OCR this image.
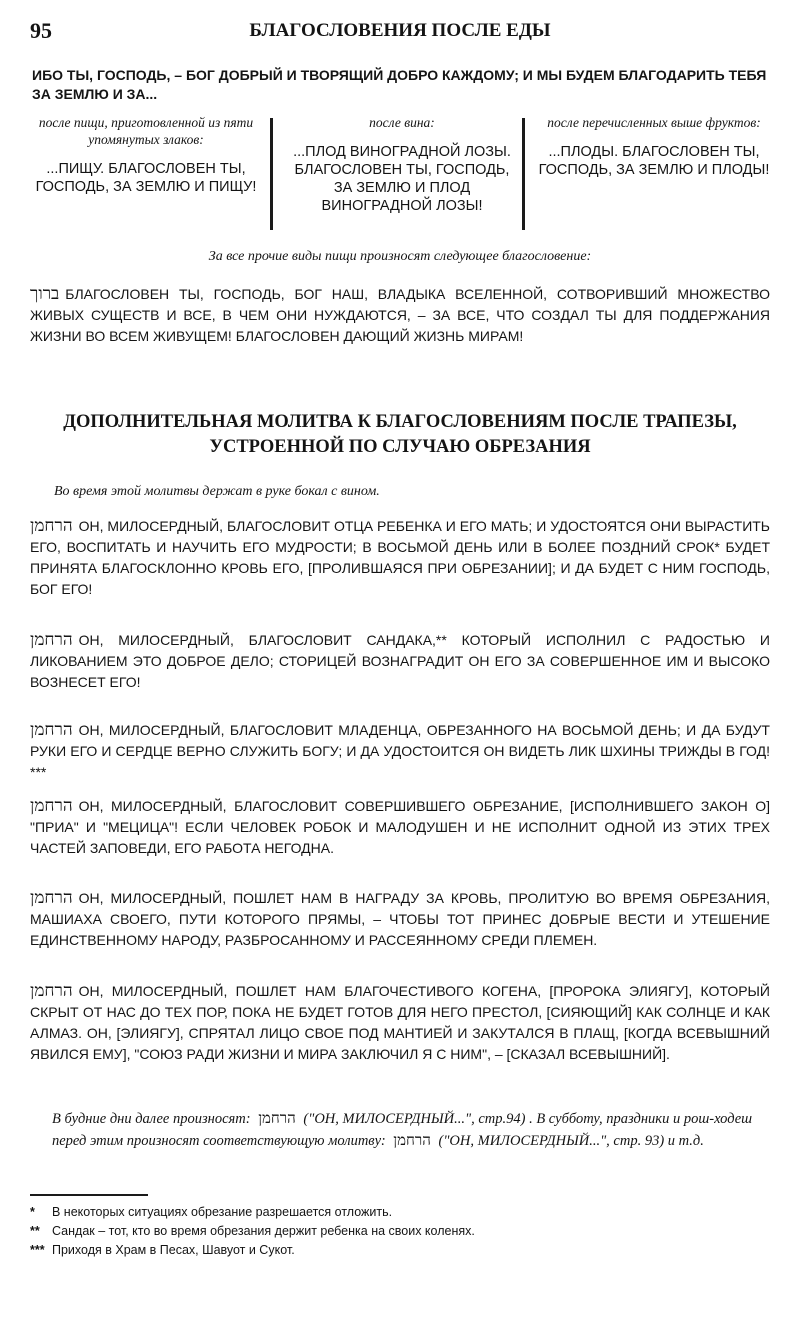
95	БЛАГОСЛОВЕНИЯ ПОСЛЕ ЕДЫ
ИБО ТЫ, ГОСПОДЬ, – БОГ ДОБРЫЙ И ТВОРЯЩИЙ ДОБРО КАЖДОМУ; И МЫ БУДЕМ БЛАГОДАРИТЬ ТЕБЯ ЗА ЗЕМЛЮ И ЗА...
после пищи, приготовленной из пяти упомянутых злаков:
...ПИЩУ. БЛАГОСЛОВЕН ТЫ, ГОСПОДЬ, ЗА ЗЕМЛЮ И ПИЩУ!
после вина:
...ПЛОД ВИНОГРАДНОЙ ЛОЗЫ. БЛАГОСЛОВЕН ТЫ, ГОСПОДЬ, ЗА ЗЕМЛЮ И ПЛОД ВИНОГРАДНОЙ ЛОЗЫ!
после перечисленных выше фруктов:
...ПЛОДЫ. БЛАГОСЛОВЕН ТЫ, ГОСПОДЬ, ЗА ЗЕМЛЮ И ПЛОДЫ!
За все прочие виды пищи произносят следующее благословение:
ברוך БЛАГОСЛОВЕН ТЫ, ГОСПОДЬ, БОГ НАШ, ВЛАДЫКА ВСЕЛЕННОЙ, СОТВОРИВШИЙ МНОЖЕСТВО ЖИВЫХ СУЩЕСТВ И ВСЕ, В ЧЕМ ОНИ НУЖДАЮТСЯ, – ЗА ВСЕ, ЧТО СОЗДАЛ ТЫ ДЛЯ ПОДДЕРЖАНИЯ ЖИЗНИ ВО ВСЕМ ЖИВУЩЕМ! БЛАГОСЛОВЕН ДАЮЩИЙ ЖИЗНЬ МИРАМ!
ДОПОЛНИТЕЛЬНАЯ МОЛИТВА К БЛАГОСЛОВЕНИЯМ ПОСЛЕ ТРАПЕЗЫ,
УСТРОЕННОЙ ПО СЛУЧАЮ ОБРЕЗАНИЯ
Во время этой молитвы держат в руке бокал с вином.
הרחמן ОН, МИЛОСЕРДНЫЙ, БЛАГОСЛОВИТ ОТЦА РЕБЕНКА И ЕГО МАТЬ; И УДОСТОЯТСЯ ОНИ ВЫРАСТИТЬ ЕГО, ВОСПИТАТЬ И НАУЧИТЬ ЕГО МУДРОСТИ; В ВОСЬМОЙ ДЕНЬ ИЛИ В БОЛЕЕ ПОЗДНИЙ СРОК* БУДЕТ ПРИНЯТА БЛАГОСКЛОННО КРОВЬ ЕГО, [ПРОЛИВШАЯСЯ ПРИ ОБРЕЗАНИИ]; И ДА БУДЕТ С НИМ ГОСПОДЬ, БОГ ЕГО!
הרחמן ОН, МИЛОСЕРДНЫЙ, БЛАГОСЛОВИТ САНДАКА,** КОТОРЫЙ ИСПОЛНИЛ С РАДОСТЬЮ И ЛИКОВАНИЕМ ЭТО ДОБРОЕ ДЕЛО; СТОРИЦЕЙ ВОЗНАГРАДИТ ОН ЕГО ЗА СОВЕРШЕННОЕ ИМ И ВЫСОКО ВОЗНЕСЕТ ЕГО!
הרחמן ОН, МИЛОСЕРДНЫЙ, БЛАГОСЛОВИТ МЛАДЕНЦА, ОБРЕЗАННОГО НА ВОСЬМОЙ ДЕНЬ; И ДА БУДУТ РУКИ ЕГО И СЕРДЦЕ ВЕРНО СЛУЖИТЬ БОГУ; И ДА УДОСТОИТСЯ ОН ВИДЕТЬ ЛИК ШХИНЫ ТРИЖДЫ В ГОД! ***
הרחמן ОН, МИЛОСЕРДНЫЙ, БЛАГОСЛОВИТ СОВЕРШИВШЕГО ОБРЕЗАНИЕ, [ИСПОЛНИВШЕГО ЗАКОН О] "ПРИА" И "МЕЦИЦА"! ЕСЛИ ЧЕЛОВЕК РОБОК И МАЛОДУШЕН И НЕ ИСПОЛНИТ ОДНОЙ ИЗ ЭТИХ ТРЕХ ЧАСТЕЙ ЗАПОВЕДИ, ЕГО РАБОТА НЕГОДНА.
הרחמן ОН, МИЛОСЕРДНЫЙ, ПОШЛЕТ НАМ В НАГРАДУ ЗА КРОВЬ, ПРОЛИТУЮ ВО ВРЕМЯ ОБРЕЗАНИЯ, МАШИАХА СВОЕГО, ПУТИ КОТОРОГО ПРЯМЫ, – ЧТОБЫ ТОТ ПРИНЕС ДОБРЫЕ ВЕСТИ И УТЕШЕНИЕ ЕДИНСТВЕННОМУ НАРОДУ, РАЗБРОСАННОМУ И РАССЕЯННОМУ СРЕДИ ПЛЕМЕН.
הרחמן ОН, МИЛОСЕРДНЫЙ, ПОШЛЕТ НАМ БЛАГОЧЕСТИВОГО КОГЕНА, [ПРОРОКА ЭЛИЯГУ], КОТОРЫЙ СКРЫТ ОТ НАС ДО ТЕХ ПОР, ПОКА НЕ БУДЕТ ГОТОВ ДЛЯ НЕГО ПРЕСТОЛ, [СИЯЮЩИЙ] КАК СОЛНЦЕ И КАК АЛМАЗ. ОН, [ЭЛИЯГУ], СПРЯТАЛ ЛИЦО СВОЕ ПОД МАНТИЕЙ И ЗАКУТАЛСЯ В ПЛАЩ, [КОГДА ВСЕВЫШНИЙ ЯВИЛСЯ ЕМУ], "СОЮЗ РАДИ ЖИЗНИ И МИРА ЗАКЛЮЧИЛ Я С НИМ", – [СКАЗАЛ ВСЕВЫШНИЙ].
В будние дни далее произносят: הרחמן ("ОН, МИЛОСЕРДНЫЙ...", стр.94) . В субботу, праздники и рош-ходеш перед этим произносят соответствующую молитву: הרחמן ("ОН, МИЛОСЕРДНЫЙ...", стр. 93) и т.д.
* В некоторых ситуациях обрезание разрешается отложить.
** Сандак – тот, кто во время обрезания держит ребенка на своих коленях.
*** Приходя в Храм в Песах, Шавуот и Сукот.
